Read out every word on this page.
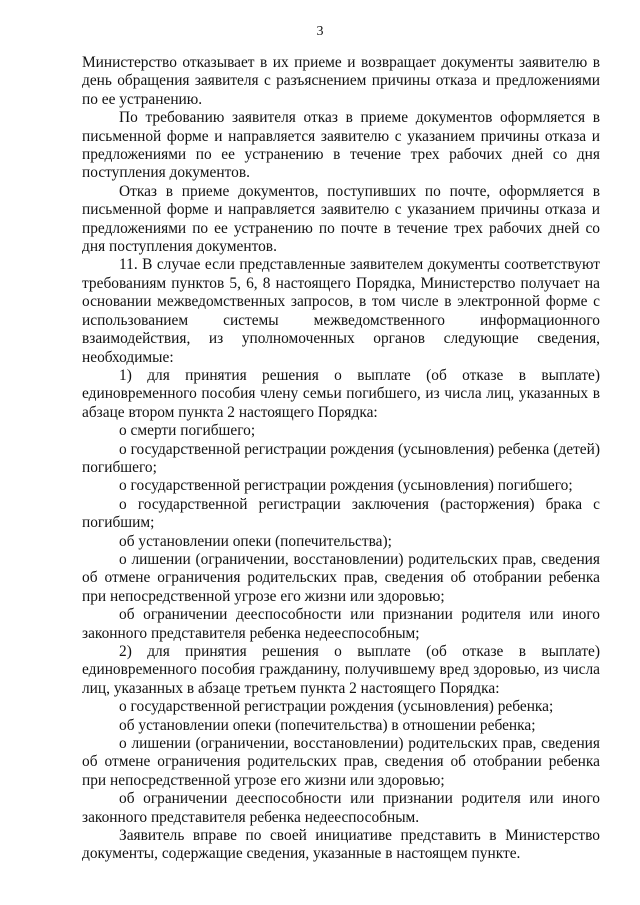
3

Министерство отказывает в их приеме и возвращает документы заявителю в день обращения заявителя с разъяснением причины отказа и предложениями по ее устранению.

По требованию заявителя отказ в приеме документов оформляется в письменной форме и направляется заявителю с указанием причины отказа и предложениями по ее устранению в течение трех рабочих дней со дня поступления документов.

Отказ в приеме документов, поступивших по почте, оформляется в письменной форме и направляется заявителю с указанием причины отказа и предложениями по ее устранению по почте в течение трех рабочих дней со дня поступления документов.

11. В случае если представленные заявителем документы соответствуют требованиям пунктов 5, 6, 8 настоящего Порядка, Министерство получает на основании межведомственных запросов, в том числе в электронной форме с использованием системы межведомственного информационного взаимодействия, из уполномоченных органов следующие сведения, необходимые:

1) для принятия решения о выплате (об отказе в выплате) единовременного пособия члену семьи погибшего, из числа лиц, указанных в абзаце втором пункта 2 настоящего Порядка:

о смерти погибшего;

о государственной регистрации рождения (усыновления) ребенка (детей) погибшего;

о государственной регистрации рождения (усыновления) погибшего;

о государственной регистрации заключения (расторжения) брака с погибшим;

об установлении опеки (попечительства);

о лишении (ограничении, восстановлении) родительских прав, сведения об отмене ограничения родительских прав, сведения об отобрании ребенка при непосредственной угрозе его жизни или здоровью;

об ограничении дееспособности или признании родителя или иного законного представителя ребенка недееспособным;

2) для принятия решения о выплате (об отказе в выплате) единовременного пособия гражданину, получившему вред здоровью, из числа лиц, указанных в абзаце третьем пункта 2 настоящего Порядка:

о государственной регистрации рождения (усыновления) ребенка;

об установлении опеки (попечительства) в отношении ребенка;

о лишении (ограничении, восстановлении) родительских прав, сведения об отмене ограничения родительских прав, сведения об отобрании ребенка при непосредственной угрозе его жизни или здоровью;

об ограничении дееспособности или признании родителя или иного законного представителя ребенка недееспособным.

Заявитель вправе по своей инициативе представить в Министерство документы, содержащие сведения, указанные в настоящем пункте.
